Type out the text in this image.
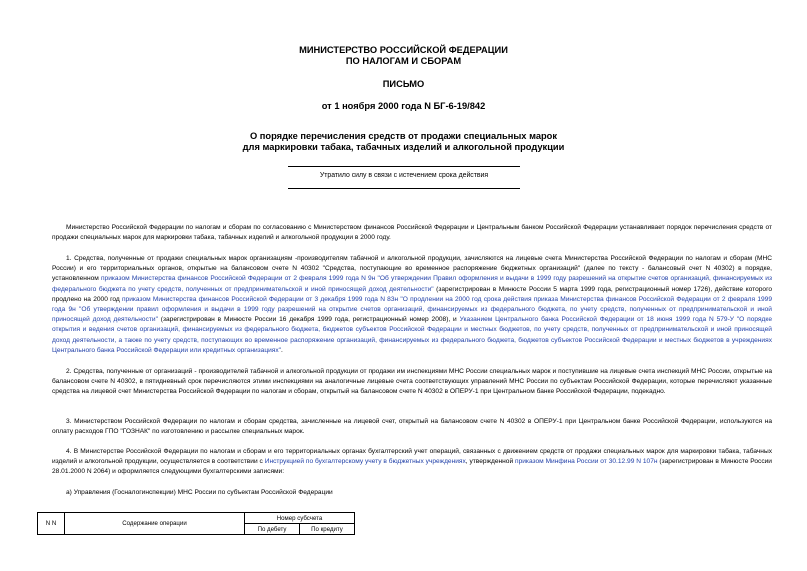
МИНИСТЕРСТВО РОССИЙСКОЙ ФЕДЕРАЦИИ
ПО НАЛОГАМ И СБОРАМ
ПИСЬМО
от 1 ноября 2000 года N БГ-6-19/842
О порядке перечисления средств от продажи специальных марок
для маркировки табака, табачных изделий и алкогольной продукции
Утратило силу в связи с истечением срока действия
Министерство Российской Федерации по налогам и сборам по согласованию с Министерством финансов Российской Федерации и Центральным банком Российской Федерации устанавливает порядок перечисления средств от продажи специальных марок для маркировки табака, табачных изделий и алкогольной продукции в 2000 году.
1. Средства, полученные от продажи специальных марок организациям -производителям табачной и алкогольной продукции, зачисляются на лицевые счета Министерства Российской Федерации по налогам и сборам (МНС России) и его территориальных органов, открытые на балансовом счете N 40302 "Средства, поступающие во временное распоряжение бюджетных организаций" (далее по тексту - балансовый счет N 40302) в порядке, установленном приказом Министерства финансов Российской Федерации от 2 февраля 1999 года N 9н "Об утверждении Правил оформления и выдачи в 1999 году разрешений на открытие счетов организаций, финансируемых из федерального бюджета по учету средств, полученных от предпринимательской и иной приносящей доход деятельности" (зарегистрирован в Минюсте России 5 марта 1999 года, регистрационный номер 1726), действие которого продлено на 2000 год приказом Министерства финансов Российской Федерации от 3 декабря 1999 года N 83н "О продлении на 2000 год срока действия приказа Министерства финансов Российской Федерации от 2 февраля 1999 года 9н "Об утверждении правил оформления и выдачи в 1999 году разрешений на открытие счетов организаций, финансируемых из федерального бюджета, по учету средств, полученных от предпринимательской и иной приносящей доход деятельности" (зарегистрирован в Минюсте России 16 декабря 1999 года, регистрационный номер 2008), и Указанием Центрального банка Российской Федерации от 18 июня 1999 года N 579-У "О порядке открытия и ведения счетов организаций, финансируемых из федерального бюджета, бюджетов субъектов Российской Федерации и местных бюджетов, по учету средств, полученных от предпринимательской и иной приносящей доход деятельности, а также по учету средств, поступающих во временное распоряжение организаций, финансируемых из федерального бюджета, бюджетов субъектов Российской Федерации и местных бюджетов в учреждениях Центрального банка Российской Федерации или кредитных организациях".
2. Средства, полученные от организаций - производителей табачной и алкогольной продукции от продажи им инспекциями МНС России специальных марок и поступившие на лицевые счета инспекций МНС России, открытые на балансовом счете N 40302, в пятидневный срок перечисляются этими инспекциями на аналогичные лицевые счета соответствующих управлений МНС России по субъектам Российской Федерации, которые перечисляют указанные средства на лицевой счет Министерства Российской Федерации по налогам и сборам, открытый на балансовом счете N 40302 в ОПЕРУ-1 при Центральном банке Российской Федерации, подекадно.
3. Министерством Российской Федерации по налогам и сборам средства, зачисленные на лицевой счет, открытый на балансовом счете N 40302 в ОПЕРУ-1 при Центральном банке Российской Федерации, используются на оплату расходов ГПО "ГОЗНАК" по изготовлению и рассылке специальных марок.
4. В Министерстве Российской Федерации по налогам и сборам и его территориальных органах бухгалтерский учет операций, связанных с движением средств от продажи специальных марок для маркировки табака, табачных изделий и алкогольной продукции, осуществляется в соответствии с Инструкцией по бухгалтерскому учету в бюджетных учреждениях, утвержденной приказом Минфина России от 30.12.99 N 107н (зарегистрирован в Минюсте России 28.01.2000 N 2064) и оформляется следующими бухгалтерскими записями:
а) Управления (Госналогинспекции) МНС России по субъектам Российской Федерации
N N	Содержание операции	Номер субсчета	
		По дебету	По кредиту
